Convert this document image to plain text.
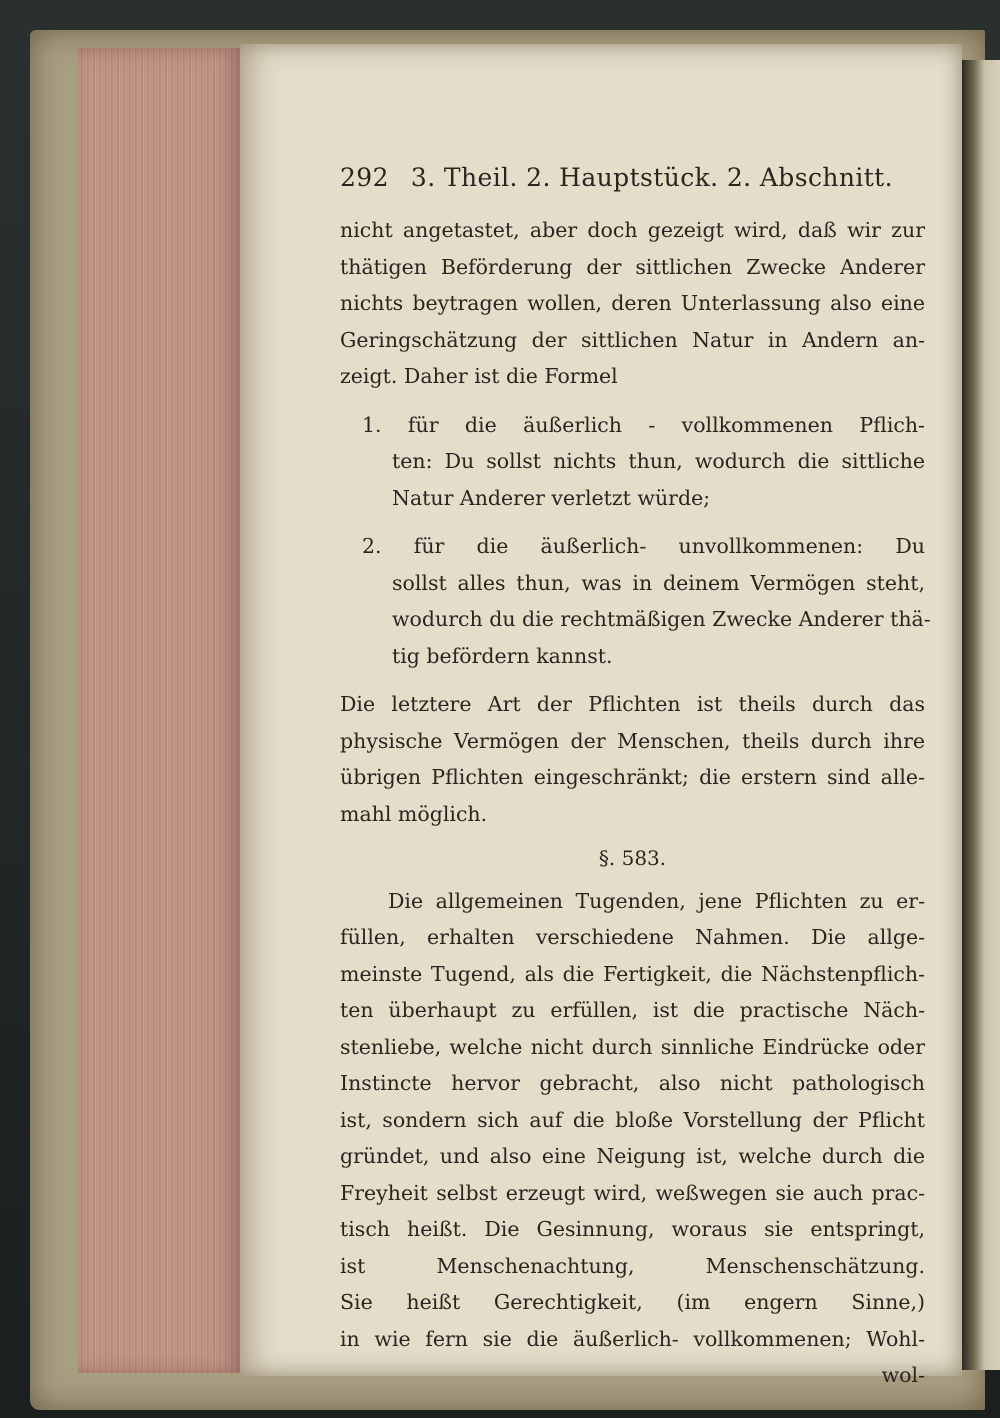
292 3. Theil. 2. Hauptstück. 2. Abschnitt.
nicht angetastet, aber doch gezeigt wird, daß wir zur
thätigen Beförderung der sittlichen Zwecke Anderer
nichts beytragen wollen, deren Unterlassung also eine
Geringschätzung der sittlichen Natur in Andern an-
zeigt. Daher ist die Formel
1. für die äußerlich - vollkommenen Pflich-
ten: Du sollst nichts thun, wodurch die sittliche
Natur Anderer verletzt würde;
2. für die äußerlich- unvollkommenen: Du
sollst alles thun, was in deinem Vermögen steht,
wodurch du die rechtmäßigen Zwecke Anderer thä-
tig befördern kannst.
Die letztere Art der Pflichten ist theils durch das
physische Vermögen der Menschen, theils durch ihre
übrigen Pflichten eingeschränkt; die erstern sind alle-
mahl möglich.
§. 583.
Die allgemeinen Tugenden, jene Pflichten zu er-
füllen, erhalten verschiedene Nahmen. Die allge-
meinste Tugend, als die Fertigkeit, die Nächstenpflich-
ten überhaupt zu erfüllen, ist die practische Näch-
stenliebe, welche nicht durch sinnliche Eindrücke oder
Instincte hervor gebracht, also nicht pathologisch
ist, sondern sich auf die bloße Vorstellung der Pflicht
gründet, und also eine Neigung ist, welche durch die
Freyheit selbst erzeugt wird, weßwegen sie auch prac-
tisch heißt. Die Gesinnung, woraus sie entspringt,
ist Menschenachtung, Menschenschätzung.
Sie heißt Gerechtigkeit, (im engern Sinne,)
in wie fern sie die äußerlich- vollkommenen; Wohl-
wol-
